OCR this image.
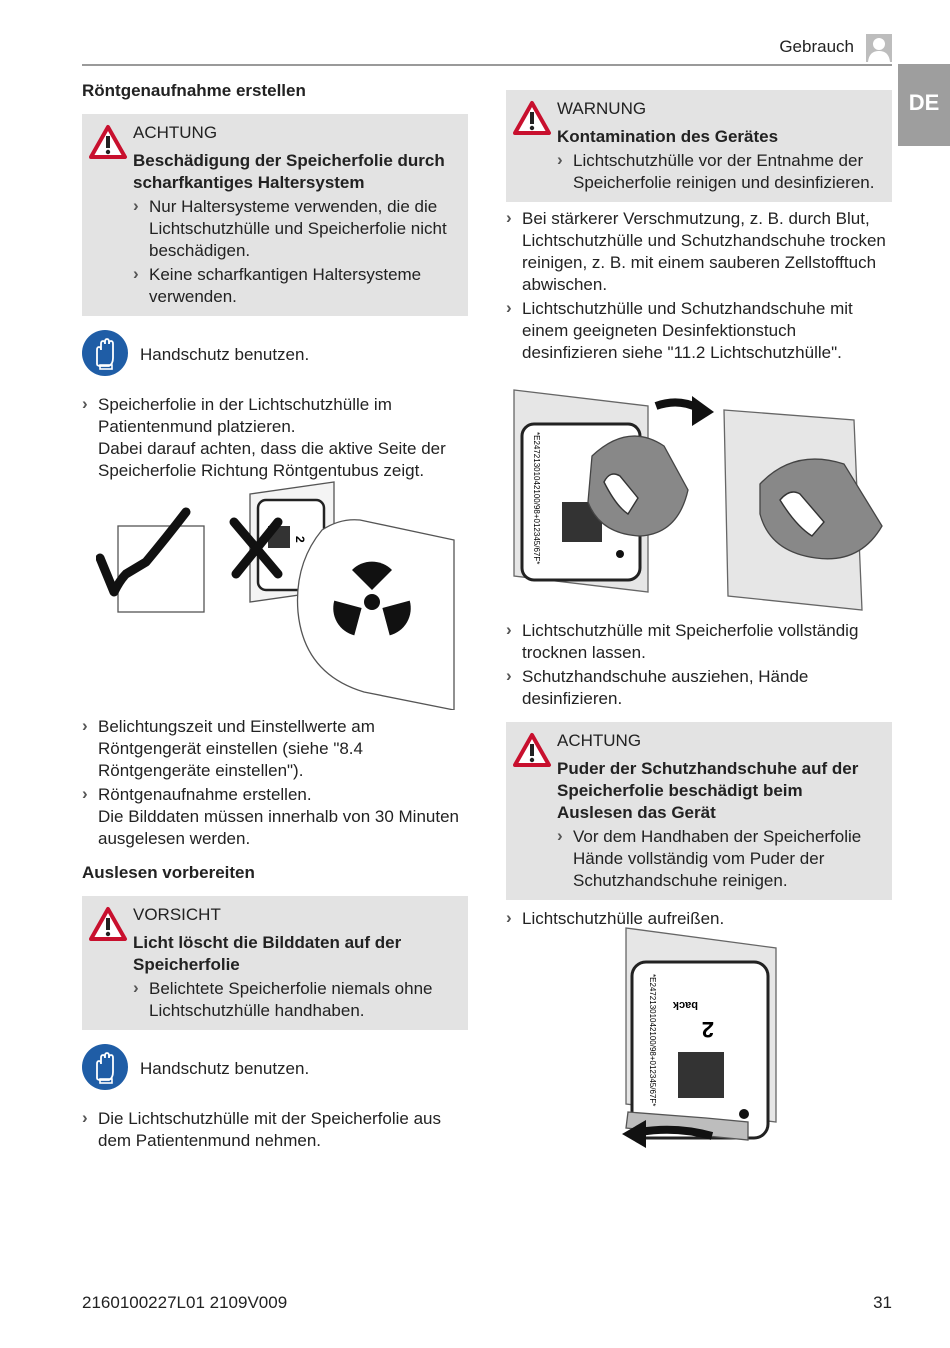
Gebrauch
DE
Röntgenaufnahme erstellen
ACHTUNG
Beschädigung der Speicherfolie durch scharfkantiges Haltersystem
› Nur Haltersysteme verwenden, die die Lichtschutzhülle und Speicherfolie nicht beschädigen.
› Keine scharfkantigen Haltersysteme verwenden.
Handschutz benutzen.
› Speicherfolie in der Lichtschutzhülle im Patientenmund platzieren.
Dabei darauf achten, dass die aktive Seite der Speicherfolie Richtung Röntgentubus zeigt.
2
› Belichtungszeit und Einstellwerte am Röntgengerät einstellen (siehe "8.4 Röntgengeräte einstellen").
› Röntgenaufnahme erstellen.
Die Bilddaten müssen innerhalb von 30 Minuten ausgelesen werden.
Auslesen vorbereiten
VORSICHT
Licht löscht die Bilddaten auf der Speicherfolie
› Belichtete Speicherfolie niemals ohne Lichtschutzhülle handhaben.
Handschutz benutzen.
› Die Lichtschutzhülle mit der Speicherfolie aus dem Patientenmund nehmen.
WARNUNG
Kontamination des Gerätes
› Lichtschutzhülle vor der Entnahme der Speicherfolie reinigen und desinfizieren.
› Bei stärkerer Verschmutzung, z. B. durch Blut, Lichtschutzhülle und Schutzhandschuhe trocken reinigen, z. B. mit einem sauberen Zellstofftuch abwischen.
› Lichtschutzhülle und Schutzhandschuhe mit einem geeigneten Desinfektionstuch desinfizieren siehe "11.2 Lichtschutzhülle".
*E24721301042100/98+012345/67F*
› Lichtschutzhülle mit Speicherfolie vollständig trocknen lassen.
› Schutzhandschuhe ausziehen, Hände desinfizieren.
ACHTUNG
Puder der Schutzhandschuhe auf der Speicherfolie beschädigt beim Auslesen das Gerät
› Vor dem Handhaben der Speicherfolie Hände vollständig vom Puder der Schutzhandschuhe reinigen.
› Lichtschutzhülle aufreißen.
*E24721301042100/98+012345/67F* 2
back
2160100227L01 2109V009	31
